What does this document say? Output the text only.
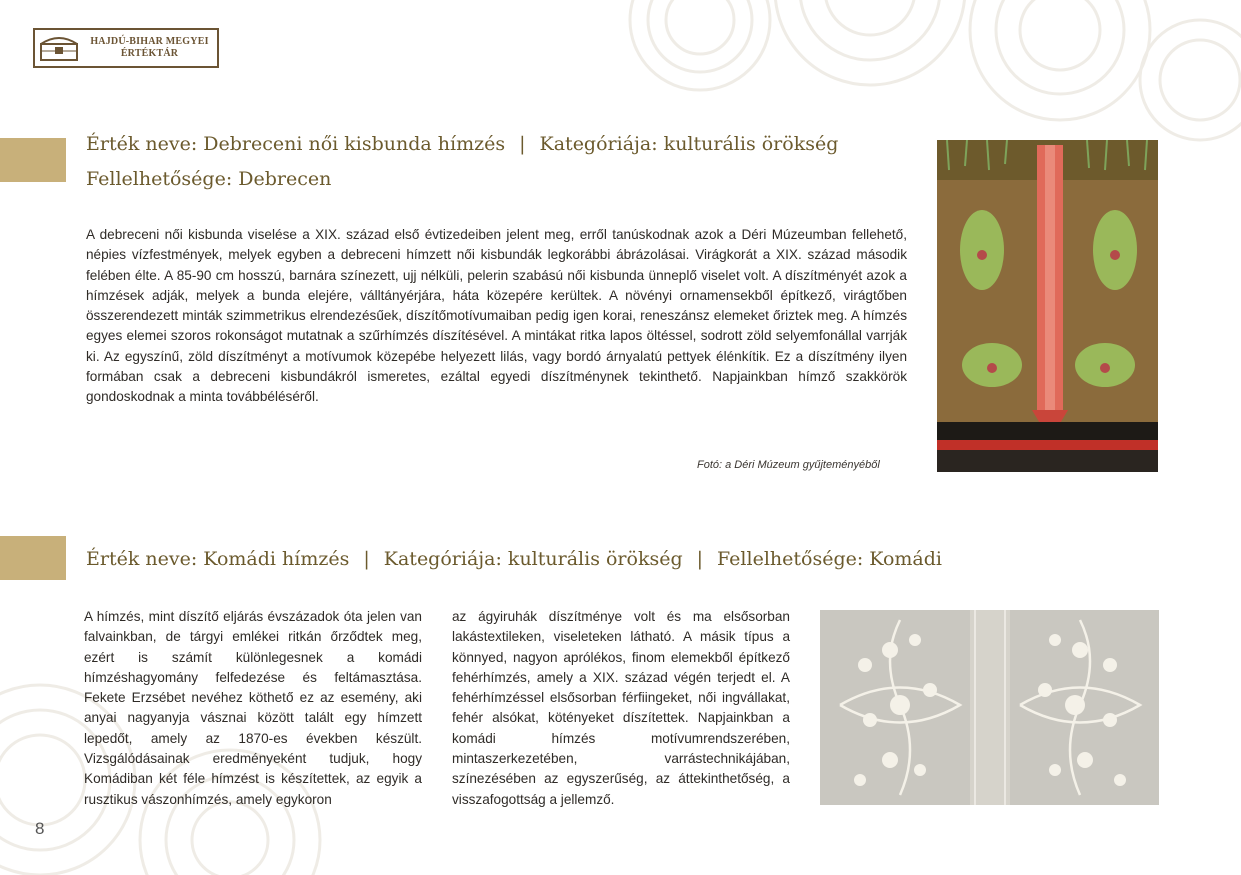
HAJDÚ-BIHAR MEGYEI
ÉRTÉKTÁR
Érték neve: Debreceni női kisbunda hímzés | Kategóriája: kulturális örökség
Fellelhetősége: Debrecen
A debreceni női kisbunda viselése a XIX. század első évtizedeiben jelent meg, erről tanúskodnak azok a Déri Múzeumban fellehető, népies vízfestmények, melyek egyben a debreceni hímzett női kisbundák legkorábbi ábrázolásai. Virágkorát a XIX. század második felében élte. A 85-90 cm hosszú, barnára színezett, ujj nélküli, pelerin szabású női kisbunda ünneplő viselet volt. A díszítményét azok a hímzések adják, melyek a bunda elejére, válltányérjára, háta közepére kerültek. A növényi ornamensekből építkező, virágtőben összerendezett minták szimmetrikus elrendezésűek, díszítőmotívumaiban pedig igen korai, reneszánsz elemeket őriztek meg. A hímzés egyes elemei szoros rokonságot mutatnak a szűrhímzés díszítésével. A mintákat ritka lapos öltéssel, sodrott zöld selyemfonállal varrják ki. Az egyszínű, zöld díszítményt a motívumok közepébe helyezett lilás, vagy bordó árnyalatú pettyek élénkítik. Ez a díszítmény ilyen formában csak a debreceni kisbundákról ismeretes, ezáltal egyedi díszítménynek tekinthető. Napjainkban hímző szakkörök gondoskodnak a minta továbbéléséről.
Fotó: a Déri Múzeum gyűjteményéből
Érték neve: Komádi hímzés | Kategóriája: kulturális örökség | Fellelhetősége: Komádi
A hímzés, mint díszítő eljárás évszázadok óta jelen van falvainkban, de tárgyi emlékei ritkán őrződtek meg, ezért is számít különlegesnek a komádi hímzéshagyomány felfedezése és feltámasztása. Fekete Erzsébet nevéhez köthető ez az esemény, aki anyai nagyanyja vásznai között talált egy hímzett lepedőt, amely az 1870-es években készült. Vizsgálódásainak eredményeként tudjuk, hogy Komádiban két féle hímzést is készítettek, az egyik a rusztikus vászonhímzés, amely egykoron
az ágyiruhák díszítménye volt és ma elsősorban lakástextileken, viseleteken látható. A másik típus a könnyed, nagyon aprólékos, finom elemekből építkező fehérhímzés, amely a XIX. század végén terjedt el. A fehérhímzéssel elsősorban férfiingeket, női ingvállakat, fehér alsókat, kötényeket díszítettek. Napjainkban a komádi hímzés motívumrendszerében, mintaszerkezetében, varrástechnikájában, színezésében az egyszerűség, az áttekinthetőség, a visszafogottság a jellemző.
8
